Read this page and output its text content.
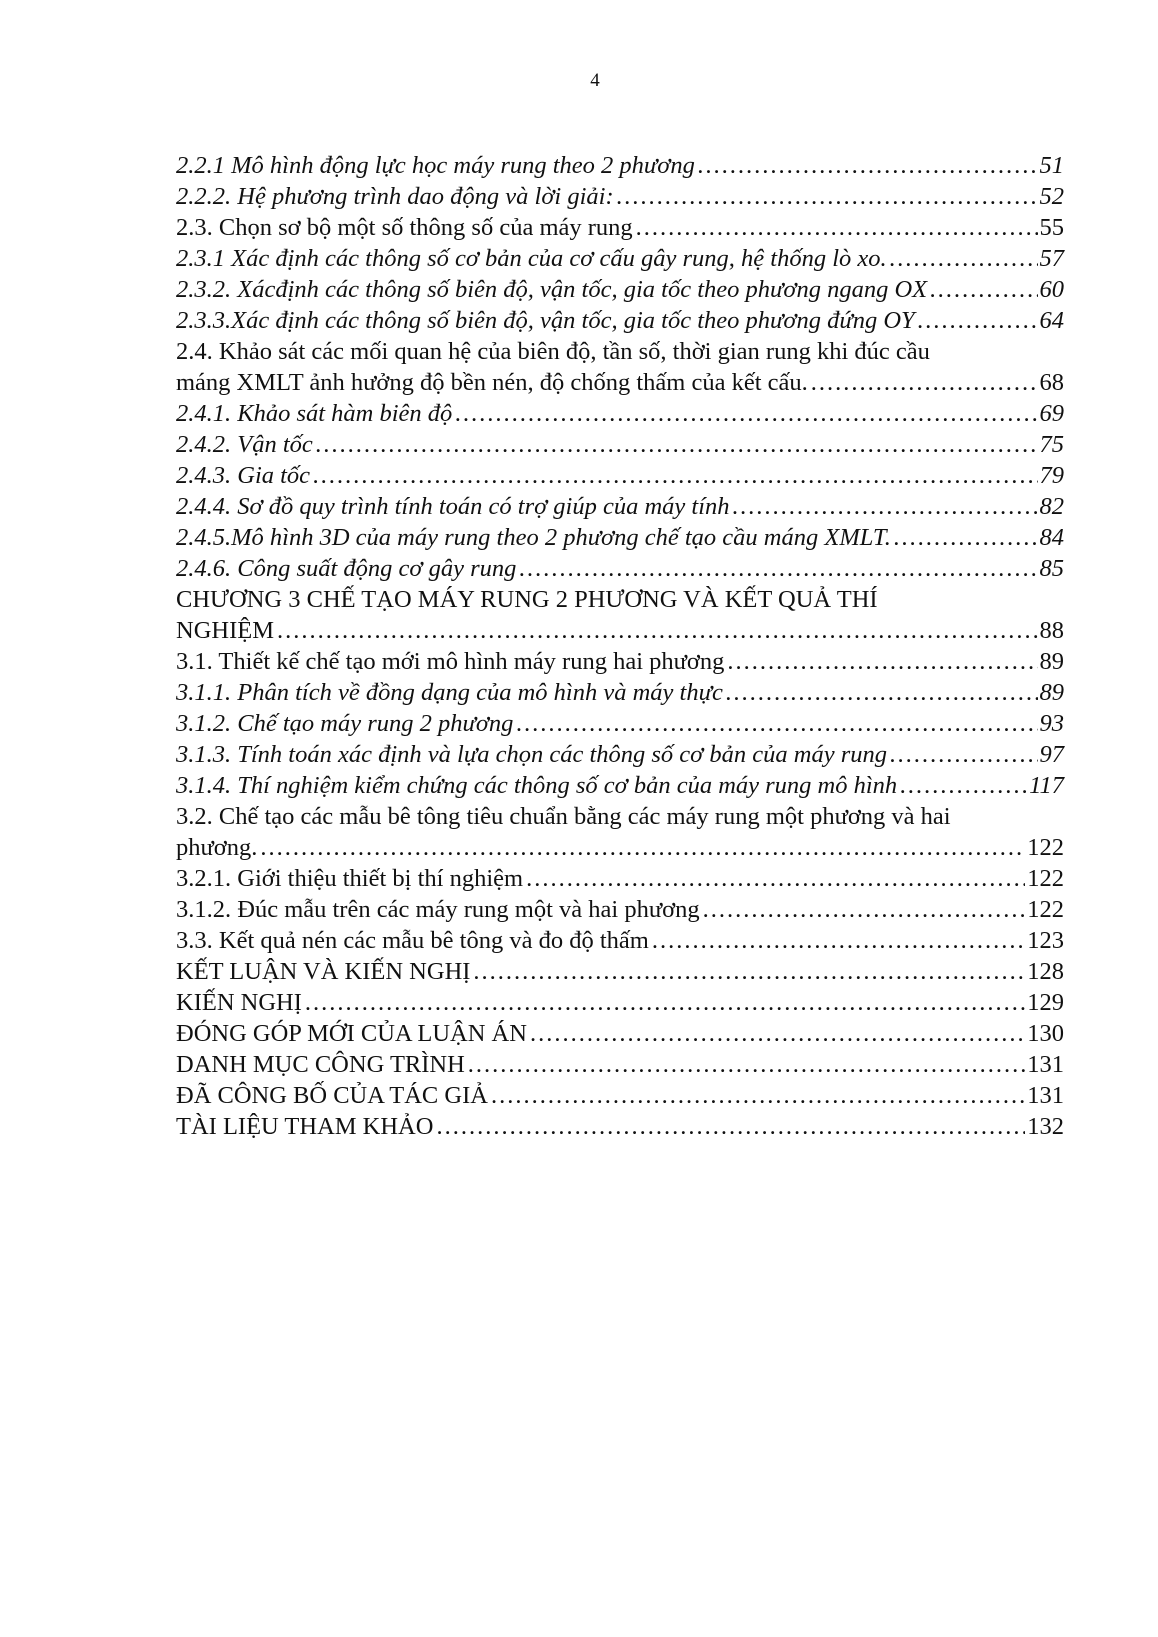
4
2.2.1 Mô hình động lực học máy rung theo 2 phương .....	51
2.2.2. Hệ phương trình dao động và lời giải: .....	52
2.3. Chọn sơ bộ một số thông số của máy rung .....	55
2.3.1 Xác định các thông số cơ bản của cơ cấu gây rung, hệ thống lò xo. .....	57
2.3.2. Xácđịnh các thông số biên độ, vận tốc, gia tốc theo phương ngang OX .....	60
2.3.3.Xác định các thông số biên độ, vận tốc, gia tốc theo phương đứng OY .....	64
2.4. Khảo sát các mối quan hệ của biên độ, tần số, thời gian rung khi đúc cầu
máng XMLT ảnh hưởng độ bền nén, độ chống thấm của kết cấu. .....	68
2.4.1. Khảo sát hàm biên độ .....	69
2.4.2. Vận tốc .....	75
2.4.3. Gia tốc .....	79
2.4.4. Sơ đồ quy trình tính toán có trợ giúp của máy tính .....	82
2.4.5.Mô hình 3D của máy rung theo 2 phương chế tạo cầu máng XMLT. .....	84
2.4.6. Công suất động cơ gây rung .....	85
CHƯƠNG 3 CHẾ TẠO MÁY RUNG 2 PHƯƠNG VÀ KẾT QUẢ THÍ
NGHIỆM .....	88
3.1. Thiết kế chế tạo mới mô hình máy rung hai phương .....	89
3.1.1. Phân tích về đồng dạng của mô hình và máy thực .....	89
3.1.2. Chế tạo máy rung 2 phương .....	93
3.1.3. Tính toán xác định và lựa chọn các thông số cơ bản của máy rung .....	97
3.1.4. Thí nghiệm kiểm chứng các thông số cơ bản của máy rung mô hình .....	117
3.2. Chế tạo các mẫu bê tông tiêu chuẩn bằng các máy rung một phương và hai
phương. .....	122
3.2.1. Giới thiệu thiết bị thí nghiệm .....	122
3.1.2. Đúc mẫu trên các máy rung một và hai phương .....	122
3.3. Kết quả nén các mẫu bê tông và đo độ thấm .....	123
KẾT LUẬN VÀ KIẾN NGHỊ .....	128
KIẾN NGHỊ .....	129
ĐÓNG GÓP MỚI CỦA LUẬN ÁN .....	130
DANH MỤC CÔNG TRÌNH .....	131
ĐÃ CÔNG BỐ CỦA TÁC GIẢ .....	131
TÀI LIỆU THAM KHẢO .....	132
